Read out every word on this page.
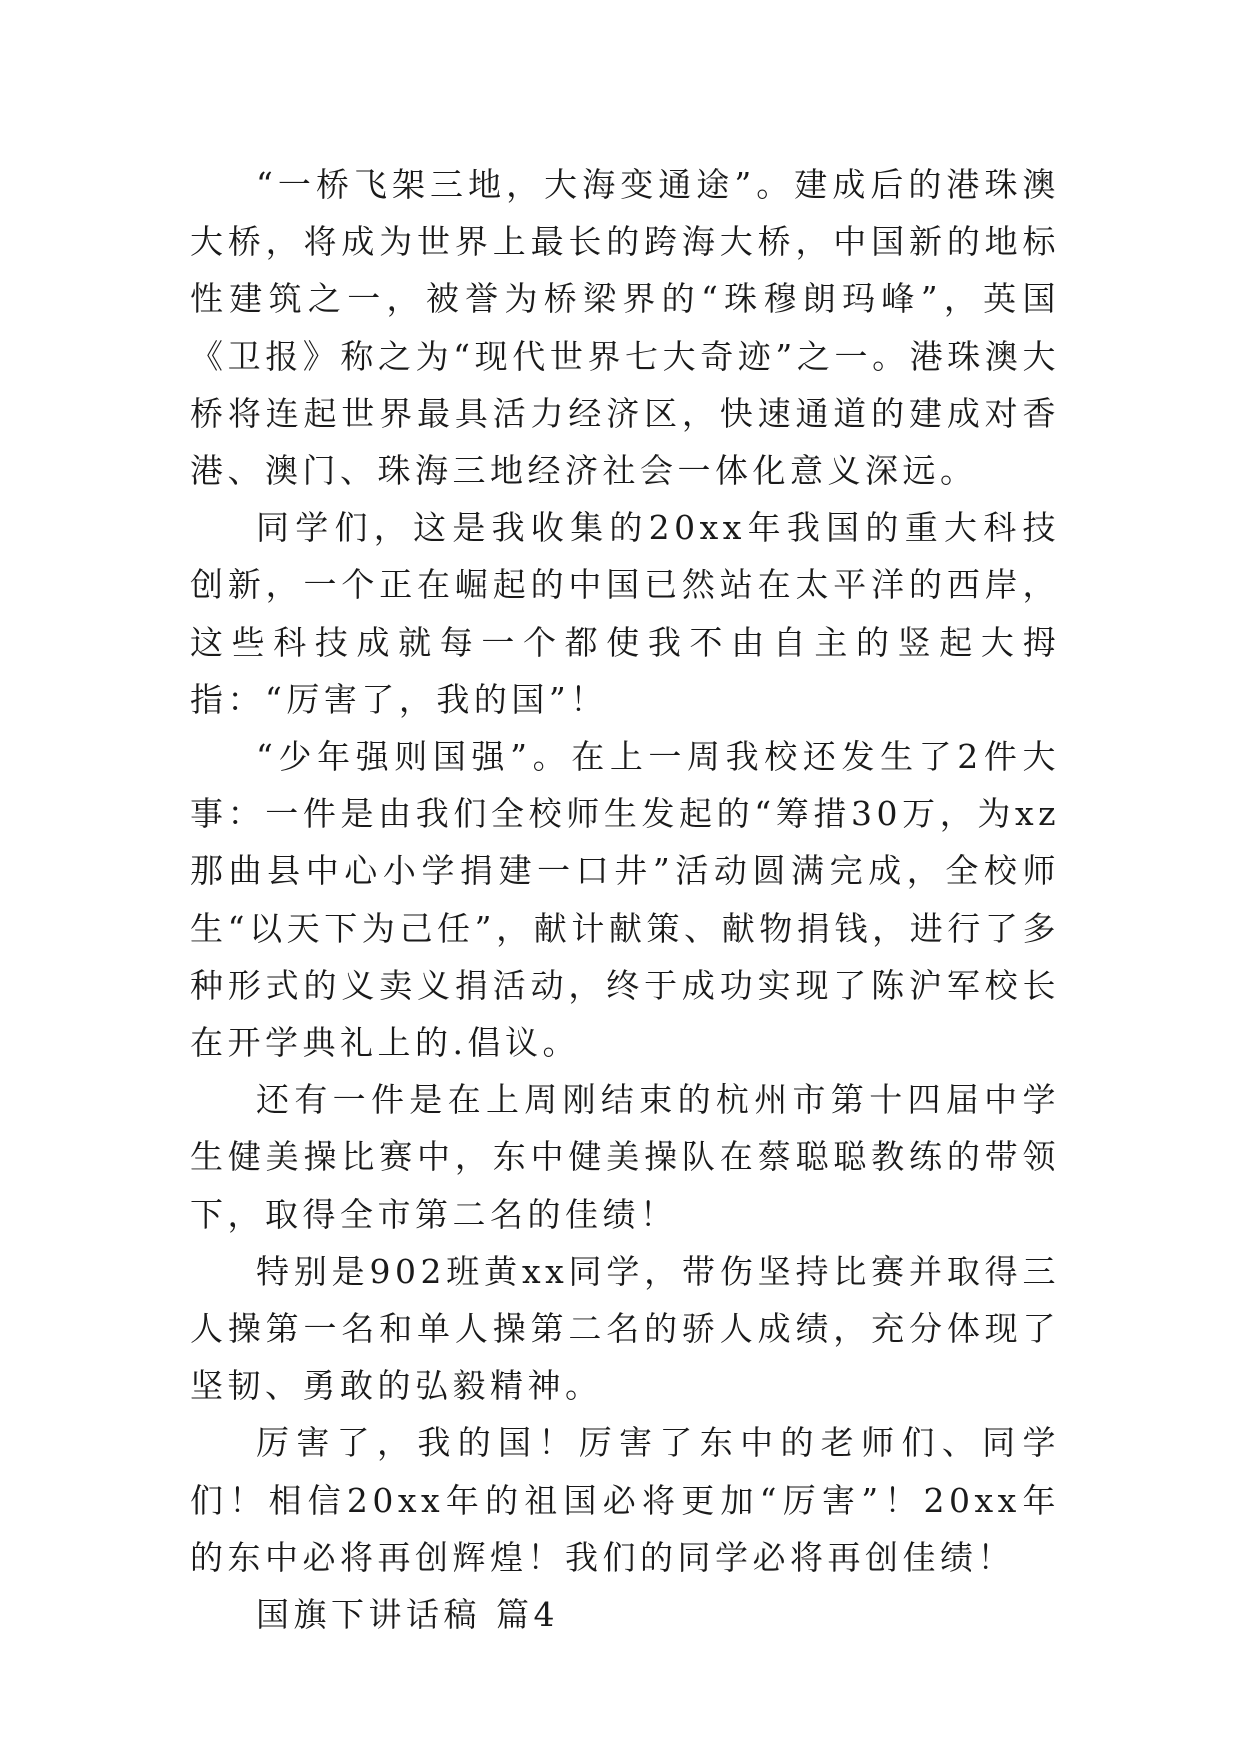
“一桥飞架三地，大海变通途”。建成后的港珠澳大桥，将成为世界上最长的跨海大桥，中国新的地标性建筑之一，被誉为桥梁界的“珠穆朗玛峰”，英国《卫报》称之为“现代世界七大奇迹”之一。港珠澳大桥将连起世界最具活力经济区，快速通道的建成对香港、澳门、珠海三地经济社会一体化意义深远。

同学们，这是我收集的20xx年我国的重大科技创新，一个正在崛起的中国已然站在太平洋的西岸，这些科技成就每一个都使我不由自主的竖起大拇指：“厉害了，我的国”！

“少年强则国强”。在上一周我校还发生了2件大事：一件是由我们全校师生发起的“筹措30万，为xz那曲县中心小学捐建一口井”活动圆满完成，全校师生“以天下为己任”，献计献策、献物捐钱，进行了多种形式的义卖义捐活动，终于成功实现了陈沪军校长在开学典礼上的.倡议。

还有一件是在上周刚结束的杭州市第十四届中学生健美操比赛中，东中健美操队在蔡聪聪教练的带领下，取得全市第二名的佳绩！

特别是902班黄xx同学，带伤坚持比赛并取得三人操第一名和单人操第二名的骄人成绩，充分体现了坚韧、勇敢的弘毅精神。

厉害了，我的国！厉害了东中的老师们、同学们！相信20xx年的祖国必将更加“厉害”！20xx年的东中必将再创辉煌！我们的同学必将再创佳绩！

国旗下讲话稿 篇4
